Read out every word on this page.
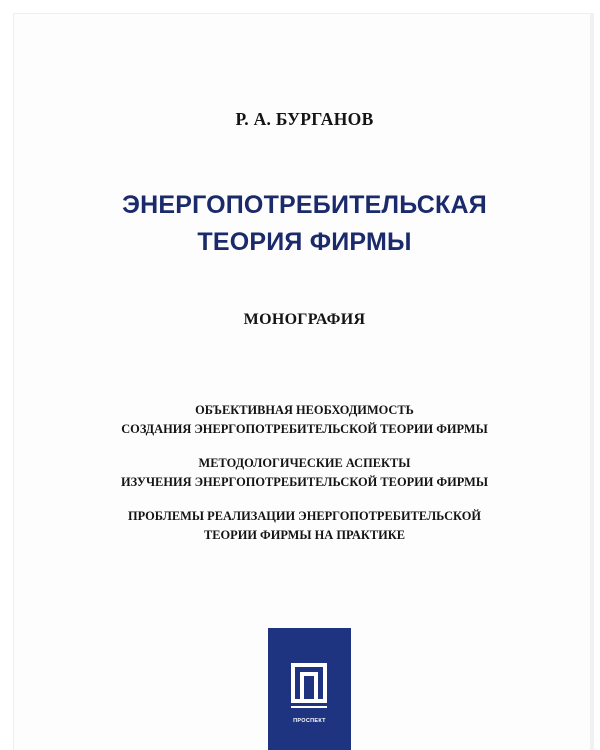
Р. А. БУРГАНОВ
ЭНЕРГОПОТРЕБИТЕЛЬСКАЯ
ТЕОРИЯ ФИРМЫ
МОНОГРАФИЯ
ОБЪЕКТИВНАЯ НЕОБХОДИМОСТЬ
СОЗДАНИЯ ЭНЕРГОПОТРЕБИТЕЛЬСКОЙ ТЕОРИИ ФИРМЫ
МЕТОДОЛОГИЧЕСКИЕ АСПЕКТЫ
ИЗУЧЕНИЯ ЭНЕРГОПОТРЕБИТЕЛЬСКОЙ ТЕОРИИ ФИРМЫ
ПРОБЛЕМЫ РЕАЛИЗАЦИИ ЭНЕРГОПОТРЕБИТЕЛЬСКОЙ
ТЕОРИИ ФИРМЫ НА ПРАКТИКЕ
ПРОСПЕКТ
